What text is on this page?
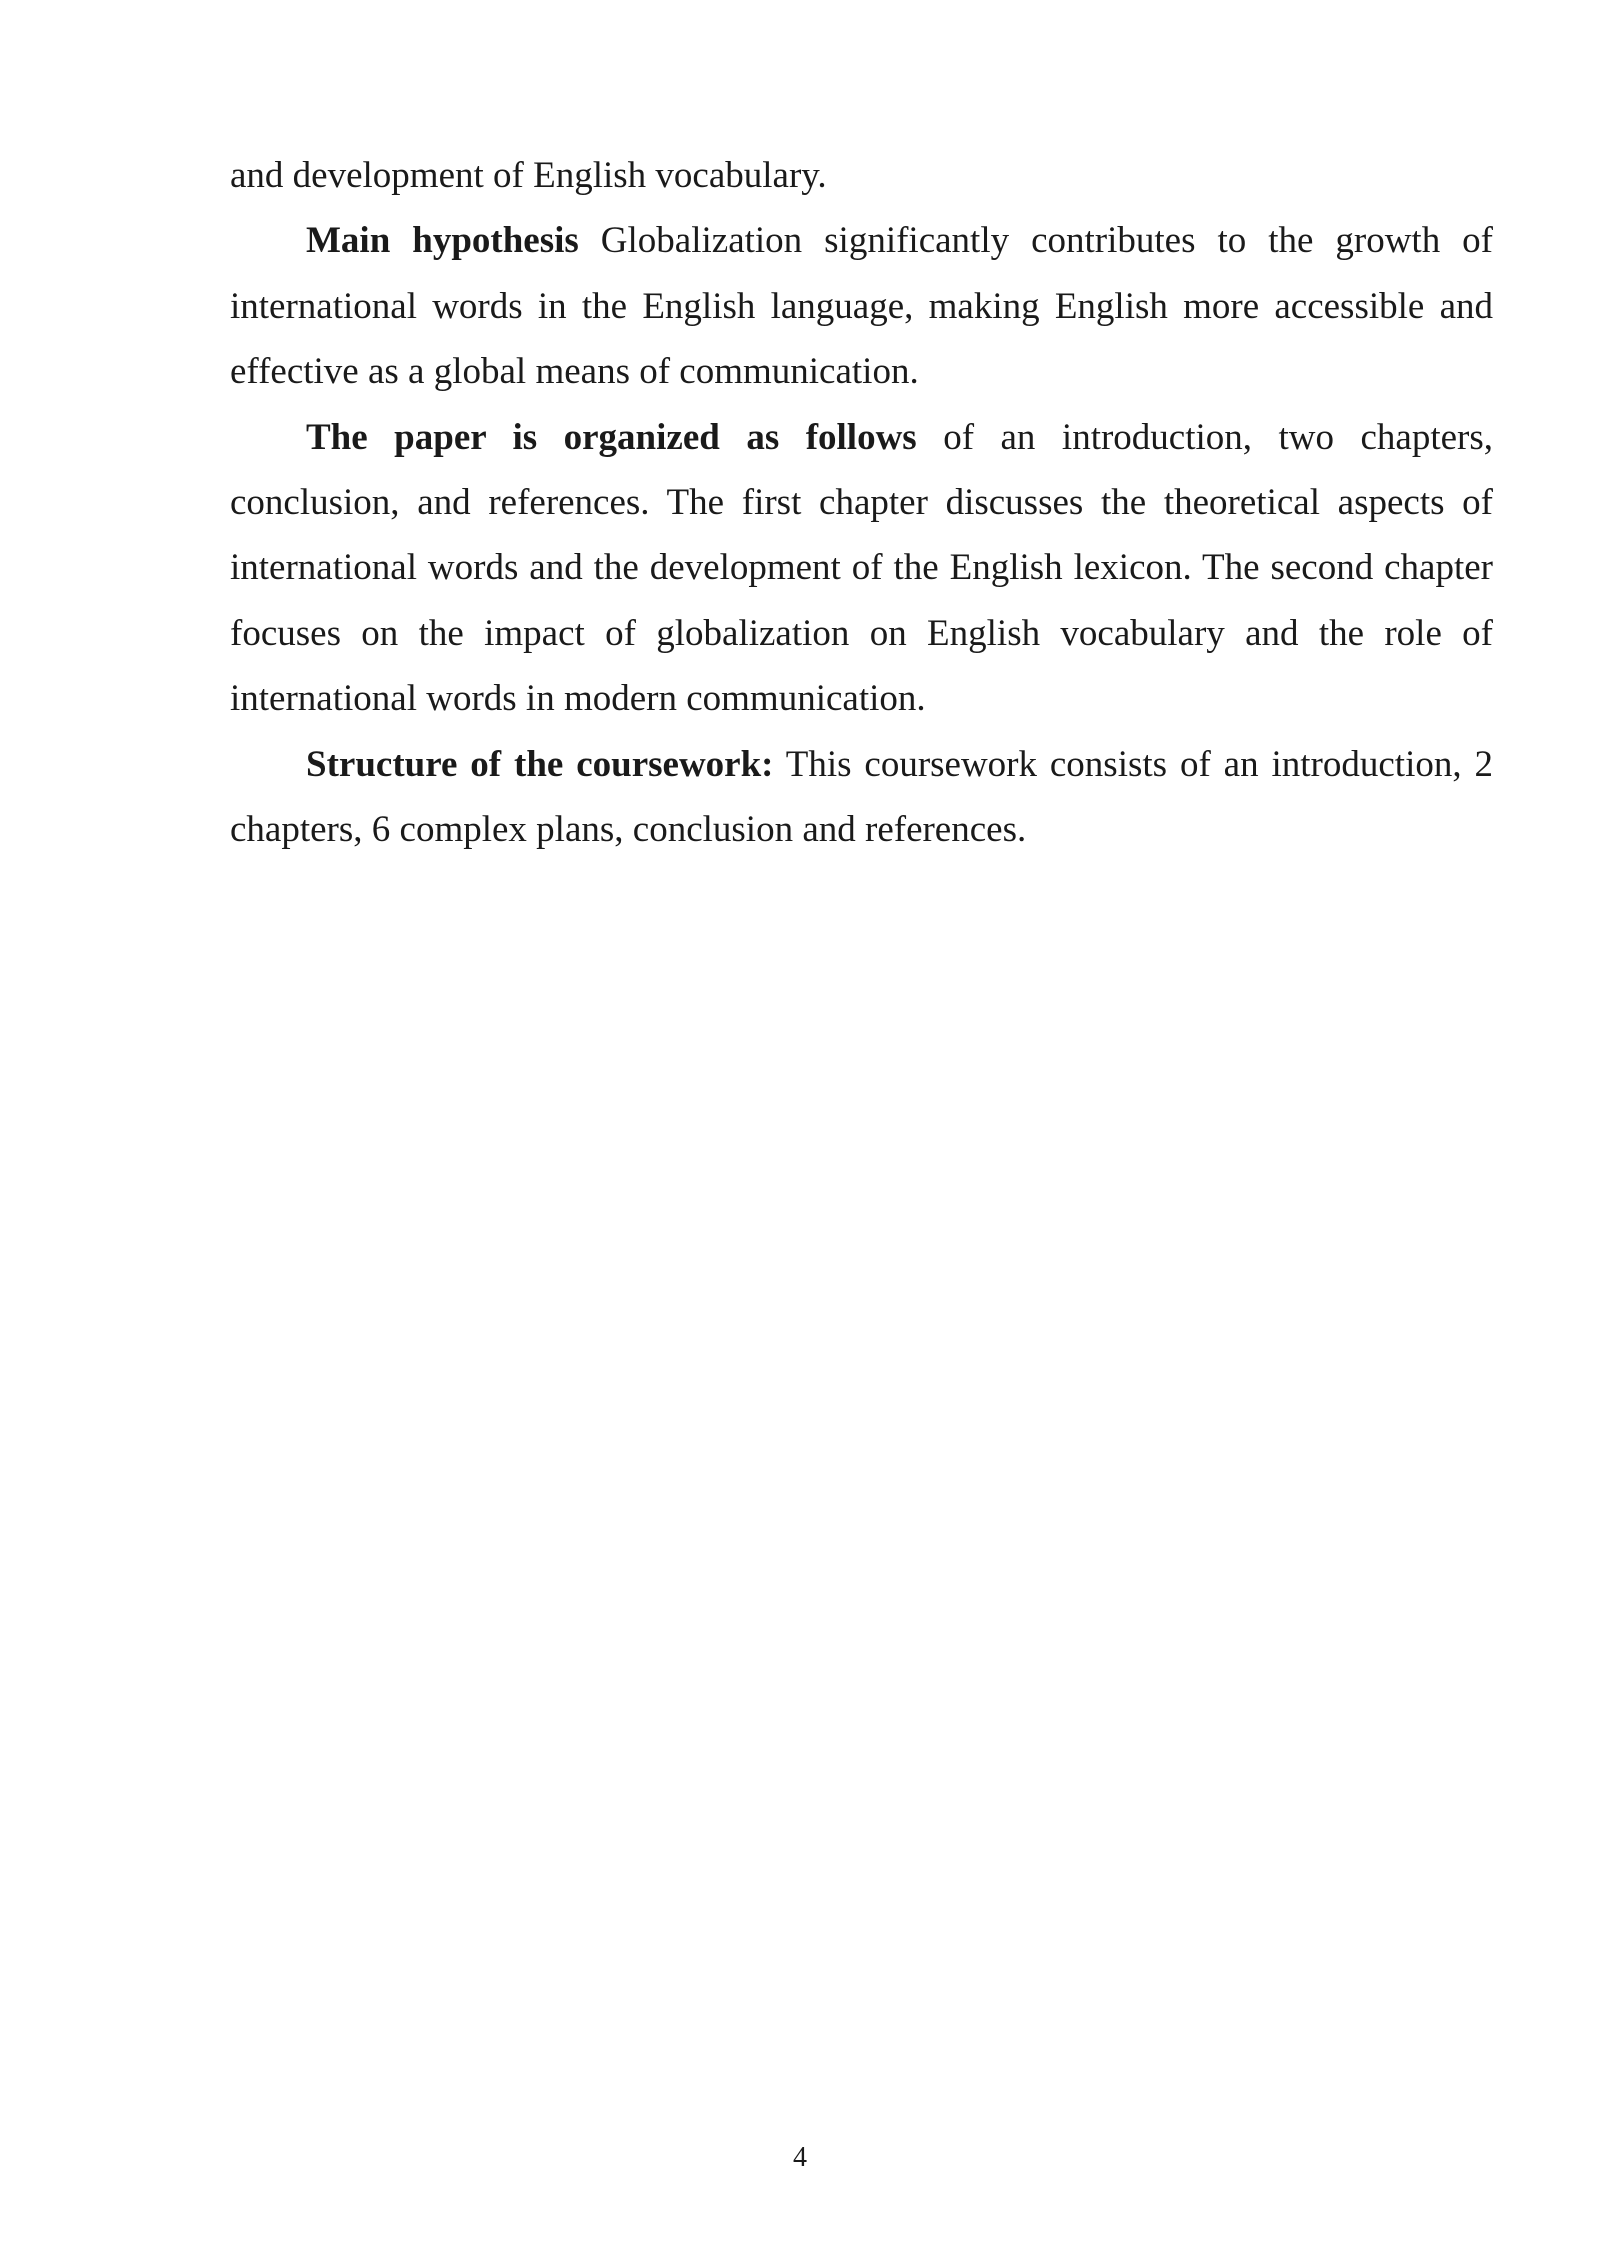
and development of English vocabulary.

Main hypothesis Globalization significantly contributes to the growth of international words in the English language, making English more accessible and effective as a global means of communication.

The paper is organized as follows of an introduction, two chapters, conclusion, and references. The first chapter discusses the theoretical aspects of international words and the development of the English lexicon. The second chapter focuses on the impact of globalization on English vocabulary and the role of international words in modern communication.

Structure of the coursework: This coursework consists of an introduction, 2 chapters, 6 complex plans, conclusion and references.

4
